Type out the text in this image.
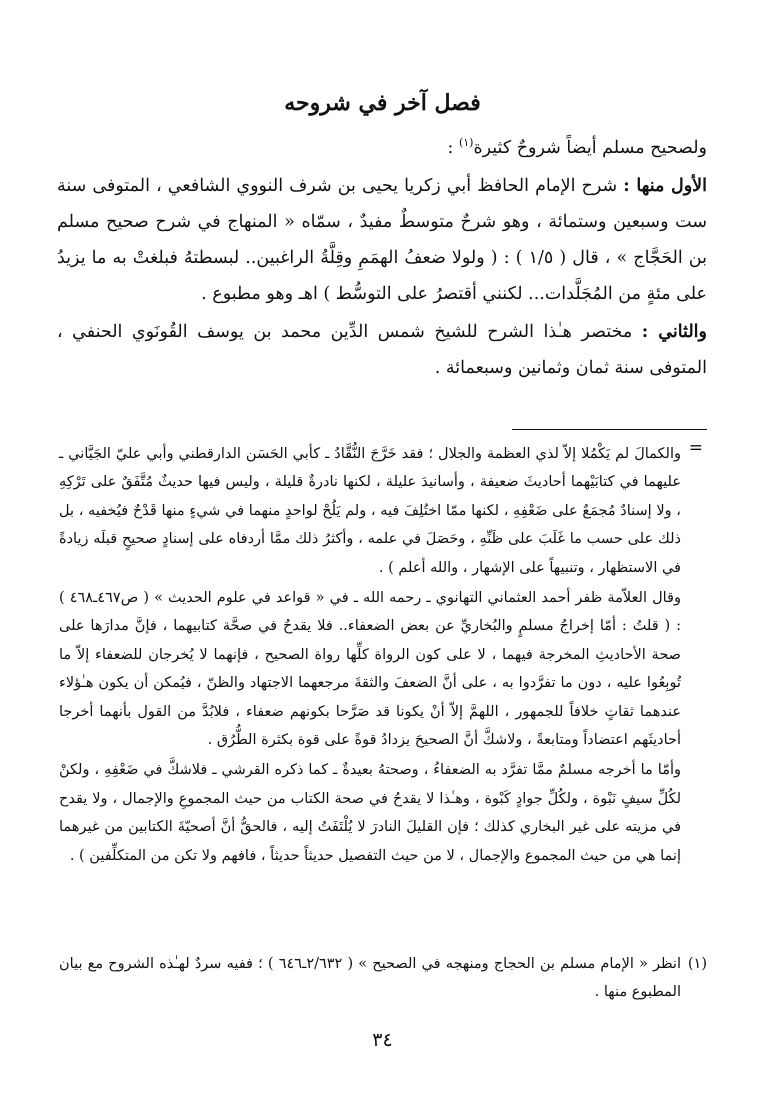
فصل آخر في شروحه

ولصحيح مسلم أيضاً شروحٌ كثيرة$^{(١)}$ :

الأول منها : شرح الإمام الحافظ أبي زكريا يحيى بن شرف النووي الشافعي ، المتوفى سنة ست وسبعين وستمائة ، وهو شرحٌ متوسطٌ مفيدٌ ، سمّاه « المنهاج في شرح صحيح مسلم بن الحَجَّاج » ، قال ( ١/٥ ) : ( ولولا ضعفُ الهمَمِ وقِلَّةُ الراغبين.. لبسطتهُ فبلغتْ به ما يزيدُ على مئةٍ من المُجَلَّدات... لكنني أقتصرُ على التوسُّط ) اهـ وهو مطبوع .

والثاني : مختصر هـٰذا الشرح للشيخ شمس الدِّين محمد بن يوسف القُونَوي الحنفي ، المتوفى سنة ثمان وثمانين وسبعمائة .

=

والكمالَ لم يَكْمُلا إلاّ لذي العظمة والجلال ؛ فقد خَرَّجَ النُّقَّادُ ـ كأبي الحَسَن الدارقطني وأبي عليّ الجَيَّاني ـ عليهما في كتابَيْهما أحاديثَ ضعيفة ، وأسانيدَ عليلة ، لكنها نادرةٌ قليلة ، وليس فيها حديثٌ مُتَّفَقٌ على تَرْكِهِ ، ولا إسنادٌ مُجمَعٌ على ضَعْفِهِ ، لكنها ممّا اختُلِفَ فيه ، ولم يَلُحْ لواحدٍ منهما في شيءٍ منها قَدْحٌ فيُخفيه ، بل ذلك على حسب ما غَلَبَ على ظَنِّهِ ، وحَصَلَ في علمه ، وأكثرُ ذلك ممَّا أردفاه على إسنادٍ صحيحٍ قبلَه زيادةً في الاستظهار ، وتنبيهاً على الإشهار ، والله أعلم ) .

وقال العلاّمة ظفر أحمد العثماني التهانوي ـ رحمه الله ـ في « قواعد في علوم الحديث » ( ص٤٦٧ـ٤٦٨ ) : ( قلتُ : أمّا إخراجُ مسلمٍ والبُخاريِّ عن بعض الضعفاء.. فلا يقدحُ في صحَّة كتابيهما ، فإنَّ مدارَها على صحة الأحاديثِ المخرجة فيهما ، لا على كون الرواة كلِّها رواة الصحيح ، فإنهما لا يُخرجان للضعفاء إلاّ ما تُوبِعُوا عليه ، دون ما تفرَّدوا به ، على أنَّ الضعفَ والثقةَ مرجعهما الاجتهاد والظنّ ، فيُمكن أن يكون هـٰؤلاء عندهما ثقاتٍ خلافاً للجمهور ، اللهمَّ إلاّ أنْ يكونا قد صَرَّحا بكونهم ضعفاء ، فلابُدَّ من القول بأنهما أخرجا أحاديثَهم اعتضاداً ومتابعةً ، ولاشكَّ أنَّ الصحيحَ يزدادُ قوةً على قوة بكثرة الطُّرُق .

وأمّا ما أخرجه مسلمٌ ممَّا تفرَّد به الضعفاءُ ، وصحتهُ بعيدةٌ ـ كما ذكره القرشي ـ فلاشكَّ في ضَعْفِهِ ، ولكنْ لكُلِّ سيفٍ نَبْوة ، ولكُلِّ جوادٍ كَبْوة ، وهـٰذا لا يقدحُ في صحة الكتاب من حيث المجموعِ والإجمال ، ولا يقدح في مزيته على غير البخاري كذلك ؛ فإن القليلَ النادرَ لا يُلْتَفَتُ إليه ، فالحقُّ أنَّ أصحيّةَ الكتابين من غيرهما إنما هي من حيث المجموع والإجمال ، لا من حيث التفصيل حديثاً حديثاً ، فافهم ولا تكن من المتكلِّفين ) .

(١)
انظر « الإمام مسلم بن الحجاج ومنهجه في الصحيح » ( ٢/٦٣٢ـ٦٤٦ ) ؛ ففيه سردٌ لهـٰذه الشروح مع بيان المطبوع منها .
٣٤
